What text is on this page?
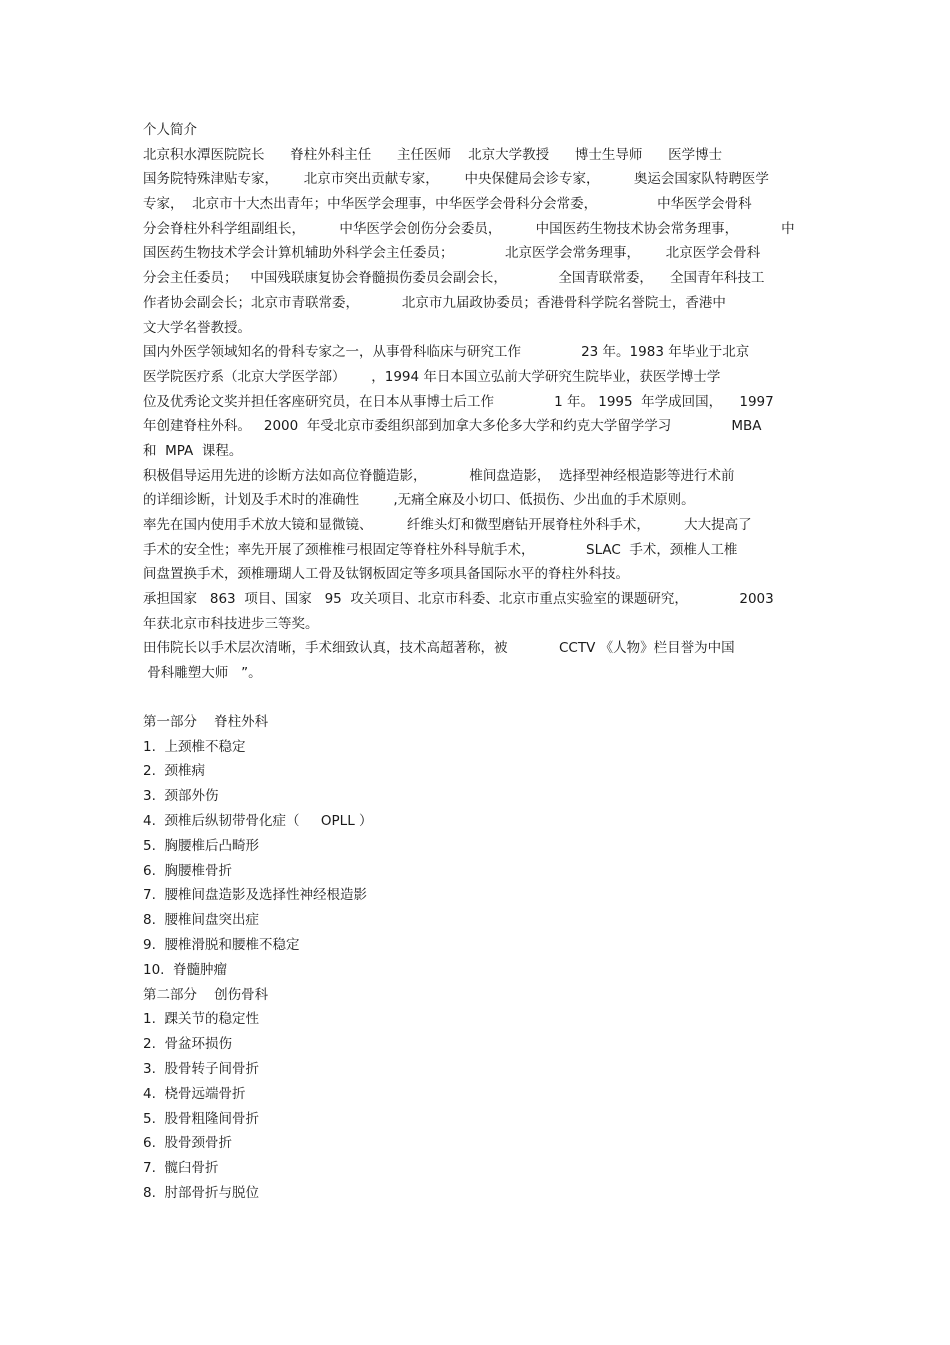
个人简介
北京积水潭医院院长      脊柱外科主任      主任医师    北京大学教授      博士生导师      医学博士
国务院特殊津贴专家，      北京市突出贡献专家，      中央保健局会诊专家，        奥运会国家队特聘医学
专家，  北京市十大杰出青年；中华医学会理事，中华医学会骨科分会常委，              中华医学会骨科
分会脊柱外科学组副组长，        中华医学会创伤分会委员，        中国医药生物技术协会常务理事，          中
国医药生物技术学会计算机辅助外科学会主任委员；            北京医学会常务理事，      北京医学会骨科
分会主任委员；   中国残联康复协会脊髓损伤委员会副会长，            全国青联常委，    全国青年科技工
作者协会副会长；北京市青联常委，          北京市九届政协委员；香港骨科学院名誉院士，香港中
文大学名誉教授。
国内外医学领域知名的骨科专家之一，从事骨科临床与研究工作              23 年。1983 年毕业于北京
医学院医疗系（北京大学医学部）      ，1994 年日本国立弘前大学研究生院毕业，获医学博士学
位及优秀论文奖并担任客座研究员，在日本从事博士后工作              1 年。 1995  年学成回国，    1997
年创建脊柱外科。   2000  年受北京市委组织部到加拿大多伦多大学和约克大学留学学习              MBA
和  MPA  课程。
积极倡导运用先进的诊断方法如高位脊髓造影，          椎间盘造影，  选择型神经根造影等进行术前
的详细诊断，计划及手术时的准确性        ,无痛全麻及小切口、低损伤、少出血的手术原则。
率先在国内使用手术放大镜和显微镜、        纤维头灯和微型磨钻开展脊柱外科手术，        大大提高了
手术的安全性；率先开展了颈椎椎弓根固定等脊柱外科导航手术，            SLAC  手术，颈椎人工椎
间盘置换手术，颈椎珊瑚人工骨及钛钢板固定等多项具备国际水平的脊柱外科技。
承担国家   863  项目、国家   95  攻关项目、北京市科委、北京市重点实验室的课题研究，            2003
年获北京市科技进步三等奖。
田伟院长以手术层次清晰，手术细致认真，技术高超著称，被            CCTV 《人物》栏目誉为中国
骨科雕塑大师   ”。
第一部分    脊柱外科
1.  上颈椎不稳定
2.  颈椎病
3.  颈部外伤
4.  颈椎后纵韧带骨化症（     OPLL ）
5.  胸腰椎后凸畸形
6.  胸腰椎骨折
7.  腰椎间盘造影及选择性神经根造影
8.  腰椎间盘突出症
9.  腰椎滑脱和腰椎不稳定
10.  脊髓肿瘤
第二部分    创伤骨科
1.  踝关节的稳定性
2.  骨盆环损伤
3.  股骨转子间骨折
4.  桡骨远端骨折
5.  股骨粗隆间骨折
6.  股骨颈骨折
7.  髋臼骨折
8.  肘部骨折与脱位
